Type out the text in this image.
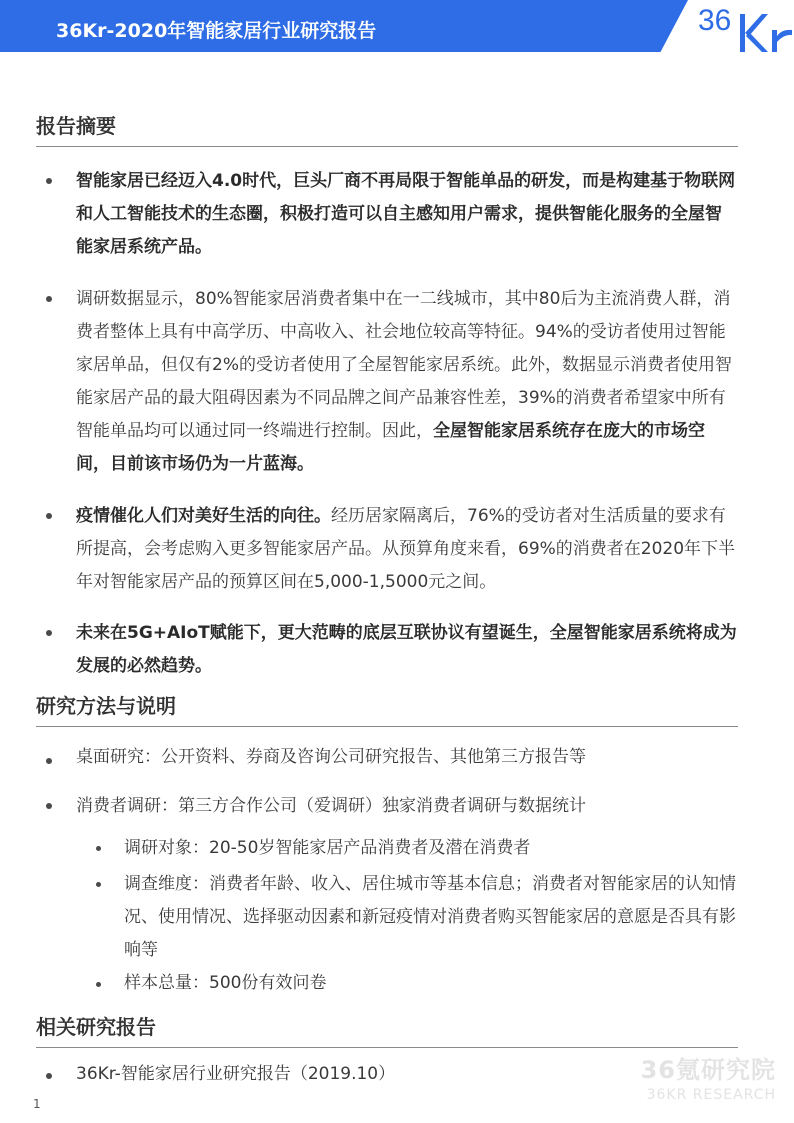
36Kr-2020年智能家居行业研究报告	36
报告摘要
智能家居已经迈入4.0时代，巨头厂商不再局限于智能单品的研发，而是构建基于物联网和人工智能技术的生态圈，积极打造可以自主感知用户需求，提供智能化服务的全屋智能家居系统产品。
调研数据显示，80%智能家居消费者集中在一二线城市，其中80后为主流消费人群，消费者整体上具有中高学历、中高收入、社会地位较高等特征。94%的受访者使用过智能家居单品，但仅有2%的受访者使用了全屋智能家居系统。此外，数据显示消费者使用智能家居产品的最大阻碍因素为不同品牌之间产品兼容性差，39%的消费者希望家中所有智能单品均可以通过同一终端进行控制。因此，全屋智能家居系统存在庞大的市场空间，目前该市场仍为一片蓝海。
疫情催化人们对美好生活的向往。经历居家隔离后，76%的受访者对生活质量的要求有所提高，会考虑购入更多智能家居产品。从预算角度来看，69%的消费者在2020年下半年对智能家居产品的预算区间在5,000-1,5000元之间。
未来在5G+AIoT赋能下，更大范畴的底层互联协议有望诞生，全屋智能家居系统将成为发展的必然趋势。
研究方法与说明
桌面研究：公开资料、券商及咨询公司研究报告、其他第三方报告等
消费者调研：第三方合作公司（爱调研）独家消费者调研与数据统计
调研对象：20-50岁智能家居产品消费者及潜在消费者
调查维度：消费者年龄、收入、居住城市等基本信息；消费者对智能家居的认知情况、使用情况、选择驱动因素和新冠疫情对消费者购买智能家居的意愿是否具有影响等
样本总量：500份有效问卷
相关研究报告
36Kr-智能家居行业研究报告（2019.10）	36氪研究院
36KR RESEARCH
1
